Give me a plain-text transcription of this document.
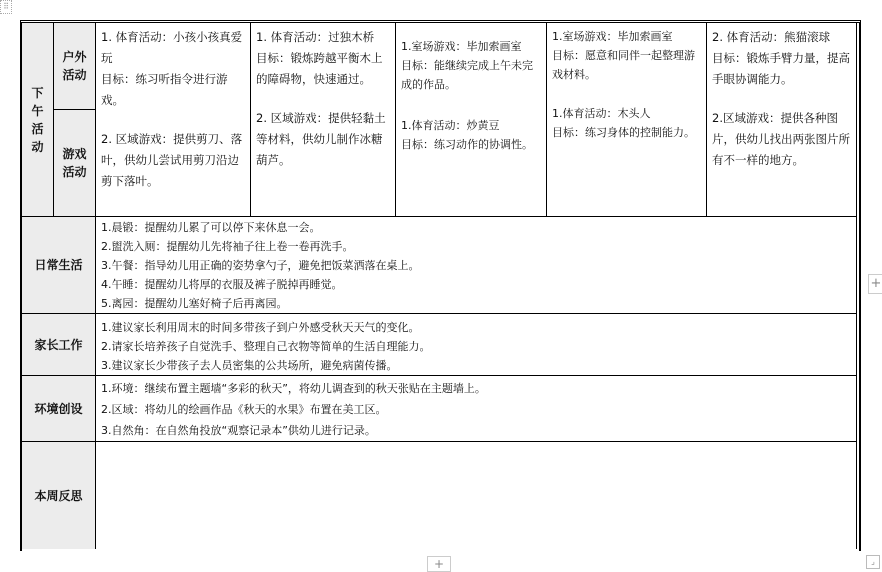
⠿
下午活动
户外活动
游戏活动

1. 体育活动：小孩小孩真爱玩

目标：练习听指令进行游戏。

2. 区域游戏：提供剪刀、落叶，供幼儿尝试用剪刀沿边剪下落叶。

1. 体育活动：过独木桥

目标：锻炼跨越平衡木上的障碍物，快速通过。

2. 区域游戏：提供轻黏土等材料，供幼儿制作冰糖葫芦。

1.室场游戏：毕加索画室

目标：能继续完成上午未完成的作品。

1.体育活动：炒黄豆

目标：练习动作的协调性。

1.室场游戏：毕加索画室

目标：愿意和同伴一起整理游戏材料。

1.体育活动：木头人

目标：练习身体的控制能力。

2. 体育活动：熊猫滚球

目标：锻炼手臂力量，提高手眼协调能力。

2.区域游戏：提供各种图片，供幼儿找出两张图片所有不一样的地方。

日常生活

1.晨锻：提醒幼儿累了可以停下来休息一会。

2.盥洗入厕：提醒幼儿先将袖子往上卷一卷再洗手。

3.午餐：指导幼儿用正确的姿势拿勺子，避免把饭菜洒落在桌上。

4.午睡：提醒幼儿将厚的衣服及裤子脱掉再睡觉。

5.离园：提醒幼儿塞好椅子后再离园。

家长工作

1.建议家长利用周末的时间多带孩子到户外感受秋天天气的变化。

2.请家长培养孩子自觉洗手、整理自己衣物等简单的生活自理能力。

3.建议家长少带孩子去人员密集的公共场所，避免病菌传播。

环境创设

1.环境：继续布置主题墙“多彩的秋天”，将幼儿调查到的秋天张贴在主题墙上。

2.区域：将幼儿的绘画作品《秋天的水果》布置在美工区。

3.自然角：在自然角投放“观察记录本”供幼儿进行记录。

本周反思
+
+	⌟
